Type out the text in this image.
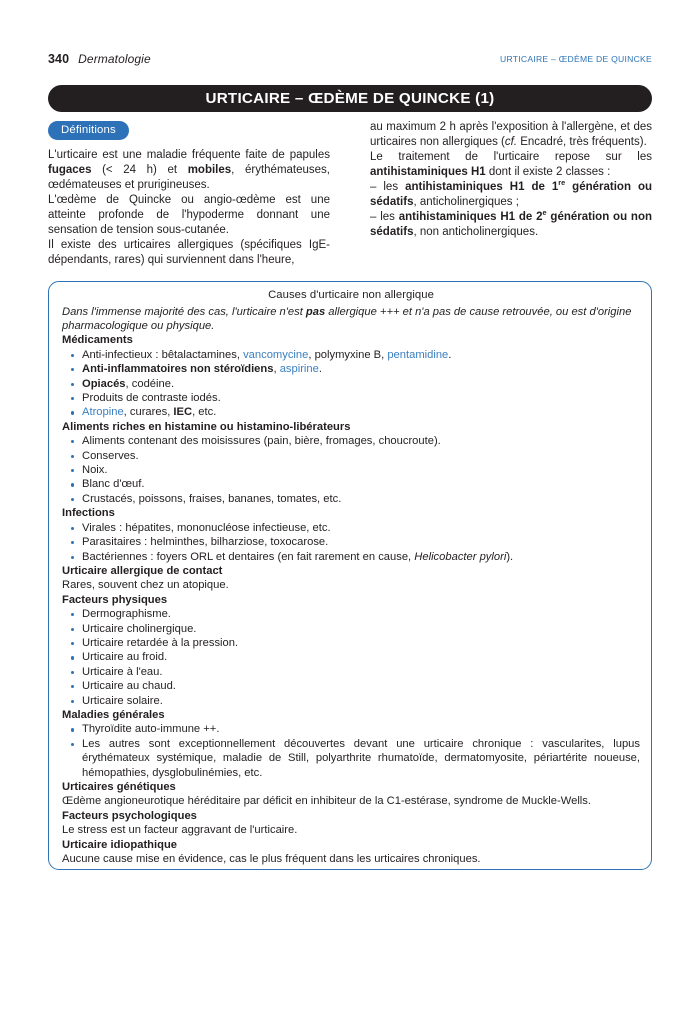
340 Dermatologie	URTICAIRE – ŒDÈME DE QUINCKE
URTICAIRE – ŒDÈME DE QUINCKE (1)
Définitions

L'urticaire est une maladie fréquente faite de papules fugaces (< 24 h) et mobiles, érythémateuses, œdémateuses et prurigineuses.

L'œdème de Quincke ou angio-œdème est une atteinte profonde de l'hypoderme donnant une sensation de tension sous-cutanée.

Il existe des urticaires allergiques (spécifiques IgE-dépendants, rares) qui surviennent dans l'heure,

au maximum 2 h après l'exposition à l'allergène, et des urticaires non allergiques (cf. Encadré, très fréquents).

Le traitement de l'urticaire repose sur les antihistaminiques H1 dont il existe 2 classes :

– les antihistaminiques H1 de 1re génération ou sédatifs, anticholinergiques ;

– les antihistaminiques H1 de 2e génération ou non sédatifs, non anticholinergiques.

Causes d'urticaire non allergique

Dans l'immense majorité des cas, l'urticaire n'est pas allergique +++ et n'a pas de cause retrouvée, ou est d'origine pharmacologique ou physique.

Médicaments
Anti-infectieux : bêtalactamines, vancomycine, polymyxine B, pentamidine.
Anti-inflammatoires non stéroïdiens, aspirine.
Opiacés, codéine.
Produits de contraste iodés.
Atropine, curares, IEC, etc.
Aliments riches en histamine ou histamino-libérateurs
Aliments contenant des moisissures (pain, bière, fromages, choucroute).
Conserves.
Noix.
Blanc d'œuf.
Crustacés, poissons, fraises, bananes, tomates, etc.
Infections
Virales : hépatites, mononucléose infectieuse, etc.
Parasitaires : helminthes, bilharziose, toxocarose.
Bactériennes : foyers ORL et dentaires (en fait rarement en cause, Helicobacter pylori).
Urticaire allergique de contact
Rares, souvent chez un atopique.
Facteurs physiques
Dermographisme.
Urticaire cholinergique.
Urticaire retardée à la pression.
Urticaire au froid.
Urticaire à l'eau.
Urticaire au chaud.
Urticaire solaire.
Maladies générales
Thyroïdite auto-immune ++.
Les autres sont exceptionnellement découvertes devant une urticaire chronique : vascularites, lupus érythémateux systémique, maladie de Still, polyarthrite rhumatoïde, dermatomyosite, périartérite noueuse, hémopathies, dysglobulinémies, etc.
Urticaires génétiques
Œdème angioneurotique héréditaire par déficit en inhibiteur de la C1-estérase, syndrome de Muckle-Wells.
Facteurs psychologiques
Le stress est un facteur aggravant de l'urticaire.
Urticaire idiopathique
Aucune cause mise en évidence, cas le plus fréquent dans les urticaires chroniques.
